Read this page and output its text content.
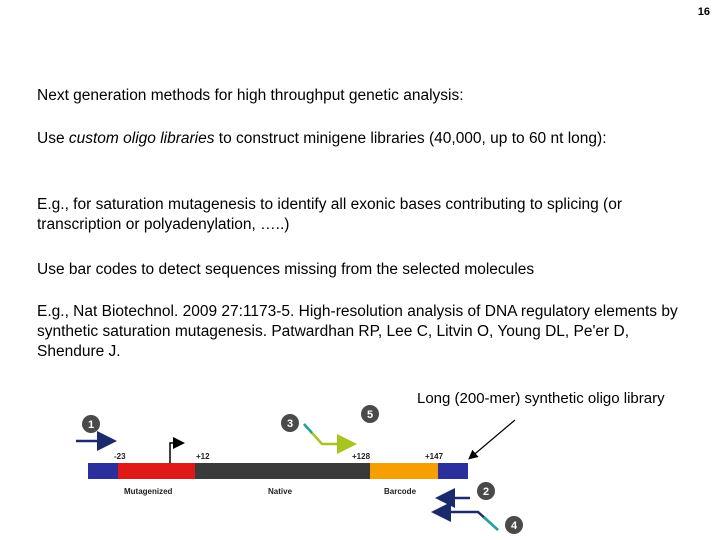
16
Next generation methods for high throughput genetic analysis:
Use custom oligo libraries to construct minigene libraries (40,000, up to 60 nt long):
E.g., for saturation mutagenesis to identify all exonic bases contributing to splicing (or transcription or polyadenylation, …..)
Use bar codes to detect sequences missing from the selected molecules
E.g., Nat Biotechnol. 2009 27:1173-5. High-resolution analysis of DNA regulatory elements by synthetic saturation mutagenesis. Patwardhan RP, Lee C, Litvin O, Young DL, Pe'er D, Shendure J.
Long (200-mer) synthetic oligo library
-23	+12	+128	+147
Mutagenized	Native	Barcode
1	3
5
2
4
